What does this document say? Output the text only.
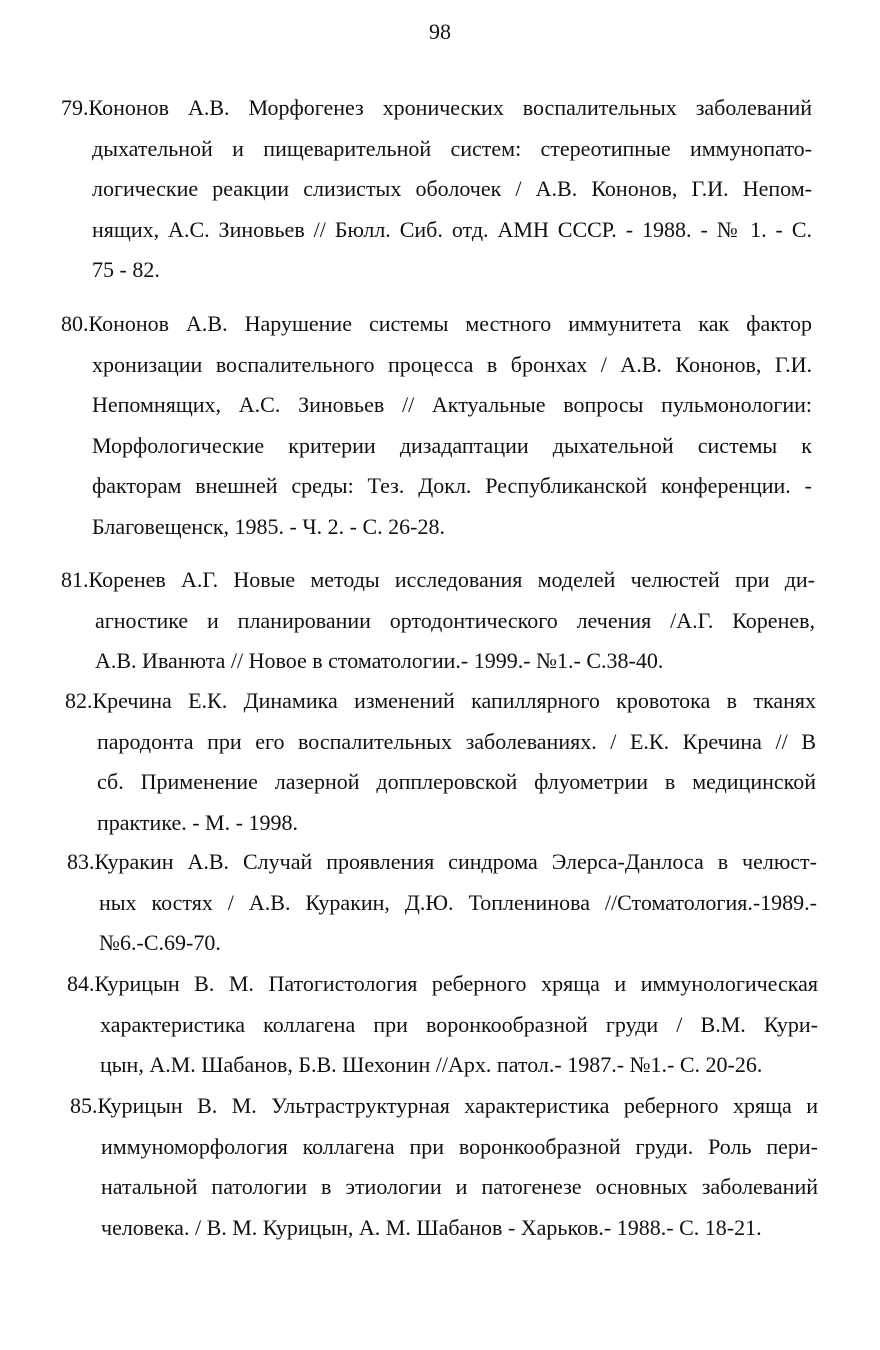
98
79.Кононов А.В. Морфогенез хронических воспалительных заболеваний
дыхательной и пищеварительной систем: стереотипные иммунопато-
логические реакции слизистых оболочек / А.В. Кононов, Г.И. Непом-
нящих, А.С. Зиновьев // Бюлл. Сиб. отд. АМН СССР. - 1988. - № 1. - С.
75 - 82.
80.Кононов А.В. Нарушение системы местного иммунитета как фактор
хронизации воспалительного процесса в бронхах / А.В. Кононов, Г.И.
Непомнящих, А.С. Зиновьев // Актуальные вопросы пульмонологии:
Морфологические критерии дизадаптации дыхательной системы к
факторам внешней среды: Тез. Докл. Республиканской конференции. -
Благовещенск, 1985. - Ч. 2. - С. 26-28.
81.Коренев А.Г. Новые методы исследования моделей челюстей при ди-
агностике и планировании ортодонтического лечения /А.Г. Коренев,
А.В. Иванюта // Новое в стоматологии.- 1999.- №1.- С.38-40.
82.Кречина Е.К. Динамика изменений капиллярного кровотока в тканях
пародонта при его воспалительных заболеваниях. / Е.К. Кречина // В
сб. Применение лазерной допплеровской флуометрии в медицинской
практике. - М. - 1998.
83.Куракин А.В. Случай проявления синдрома Элерса-Данлоса в челюст-
ных костях / А.В. Куракин, Д.Ю. Топленинова //Стоматология.-1989.-
№6.-С.69-70.
84.Курицын В. М. Патогистология реберного хряща и иммунологическая
характеристика коллагена при воронкообразной груди / В.М. Кури-
цын, А.М. Шабанов, Б.В. Шехонин //Арх. патол.- 1987.- №1.- С. 20-26.
85.Курицын В. М. Ультраструктурная характеристика реберного хряща и
иммуноморфология коллагена при воронкообразной груди. Роль пери-
натальной патологии в этиологии и патогенезе основных заболеваний
человека. / В. М. Курицын, А. М. Шабанов - Харьков.- 1988.- С. 18-21.
